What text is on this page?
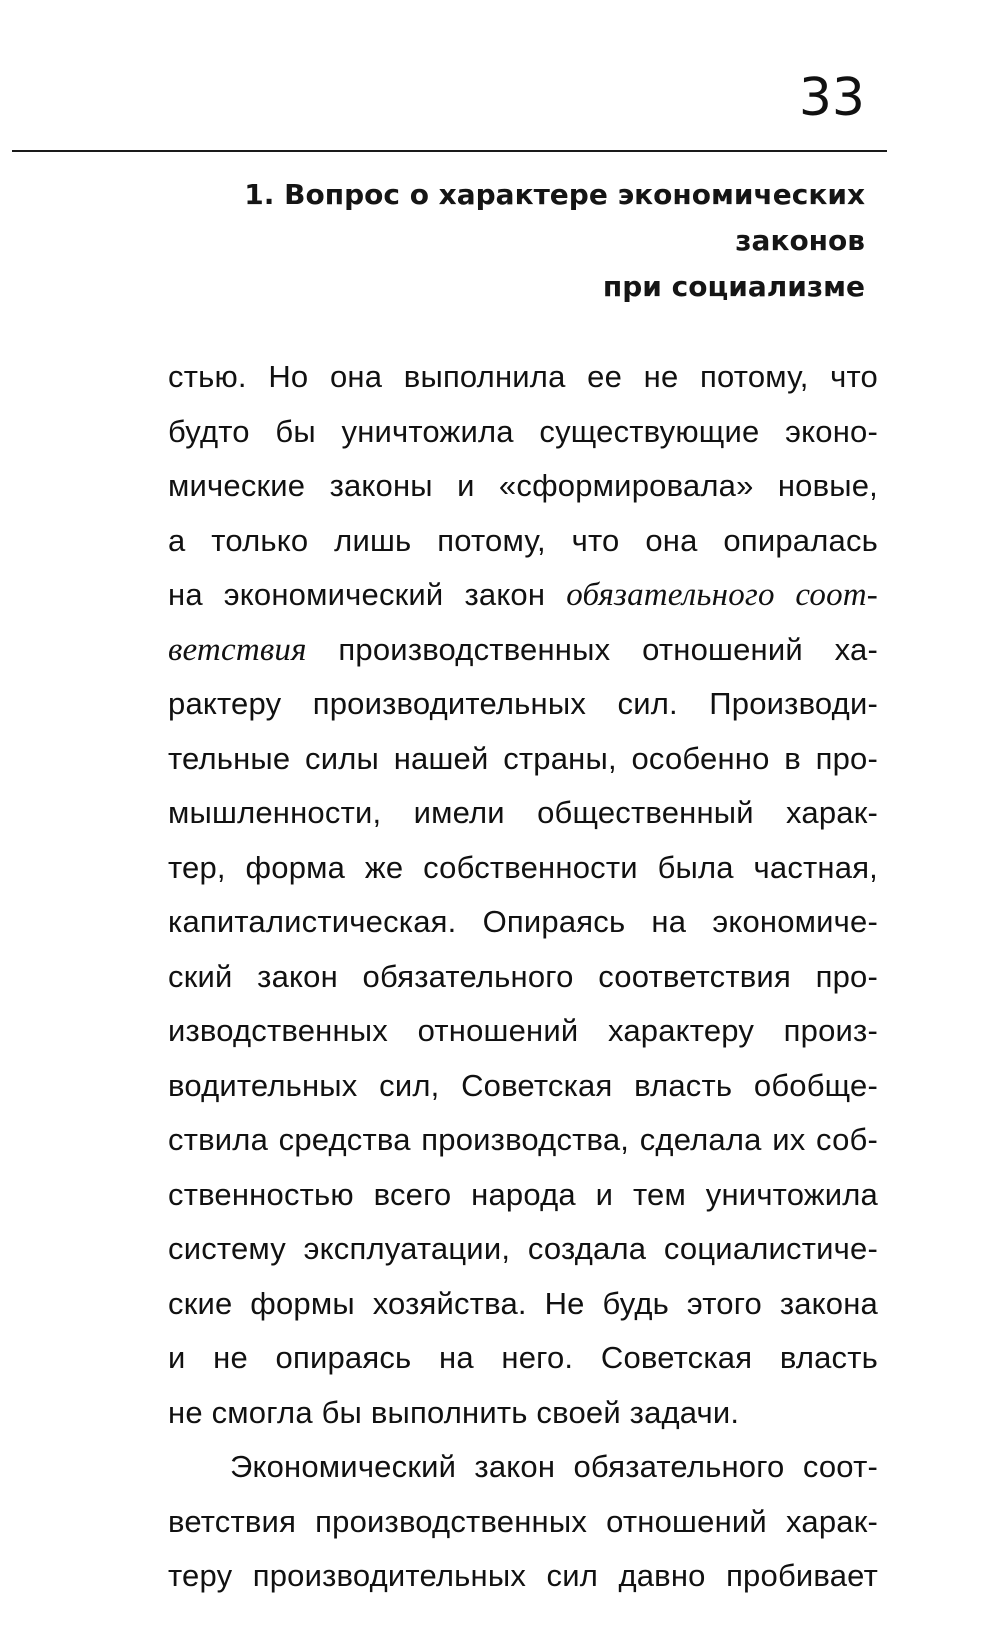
33
1. Вопрос о характере экономических законов
при социализме
стью. Но она выполнила ее не потому, что
будто бы уничтожила существующие эконо-
мические законы и «сформировала» новые,
а только лишь потому, что она опиралась
на экономический закон обязательного соот-
ветствия производственных отношений ха-
рактеру производительных сил. Производи-
тельные силы нашей страны, особенно в про-
мышленности, имели общественный харак-
тер, форма же собственности была частная,
капиталистическая. Опираясь на экономиче-
ский закон обязательного соответствия про-
изводственных отношений характеру произ-
водительных сил, Советская власть обобще-
ствила средства производства, сделала их соб-
ственностью всего народа и тем уничтожила
систему эксплуатации, создала социалистиче-
ские формы хозяйства. Не будь этого закона
и не опираясь на него. Советская власть
не смогла бы выполнить своей задачи.
Экономический закон обязательного соот-
ветствия производственных отношений харак-
теру производительных сил давно пробивает
